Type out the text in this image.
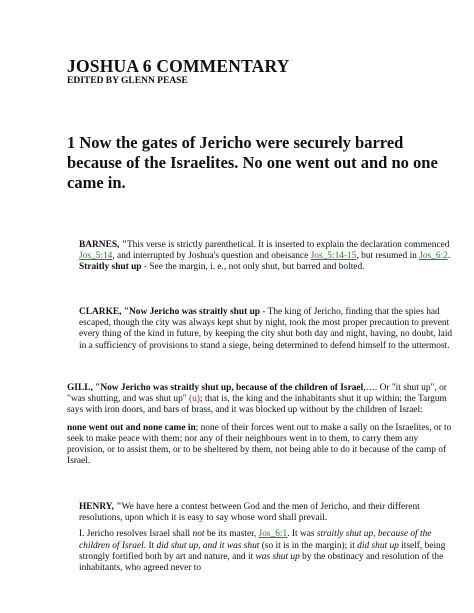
JOSHUA 6 COMMENTARY
EDITED BY GLENN PEASE
1 Now the gates of Jericho were securely barred because of the Israelites. No one went out and no one came in.

BARNES, "This verse is strictly parenthetical. It is inserted to explain the declaration commenced Jos_5:14, and interrupted by Joshua's question and obeisance Jos_5:14-15, but resumed in Jos_6:2.

Straitly shut up - See the margin, i. e., not only shut, but barred and bolted.

CLARKE, "Now Jericho was straitly shut up - The king of Jericho, finding that the spies had escaped, though the city was always kept shut by night, took the most proper precaution to prevent every thing of the kind in future, by keeping the city shut both day and night, having, no doubt, laid in a sufficiency of provisions to stand a siege, being determined to defend himself to the uttermost.

GILL, "Now Jericho was straitly shut up, because of the children of Israel,…. Or "it shut up", or "was shutting, and was shut up" (u); that is, the king and the inhabitants shut it up within; the Targum says with iron doors, and bars of brass, and it was blocked up without by the children of Israel:

none went out and none came in; none of their forces went out to make a sally on the Israelites, or to seek to make peace with them; nor any of their neighbours went in to them, to carry them any provision, or to assist them, or to be sheltered by them, not being able to do it because of the camp of Israel.

HENRY, "We have here a contest between God and the men of Jericho, and their different resolutions, upon which it is easy to say whose word shall prevail.

I. Jericho resolves Israel shall not be its master, Jos_6:1. It was straitly shut up, because of the children of Israel. It did shut up, and it was shut (so it is in the margin); it did shut up itself, being strongly fortified both by art and nature, and it was shut up by the obstinacy and resolution of the inhabitants, who agreed never to
